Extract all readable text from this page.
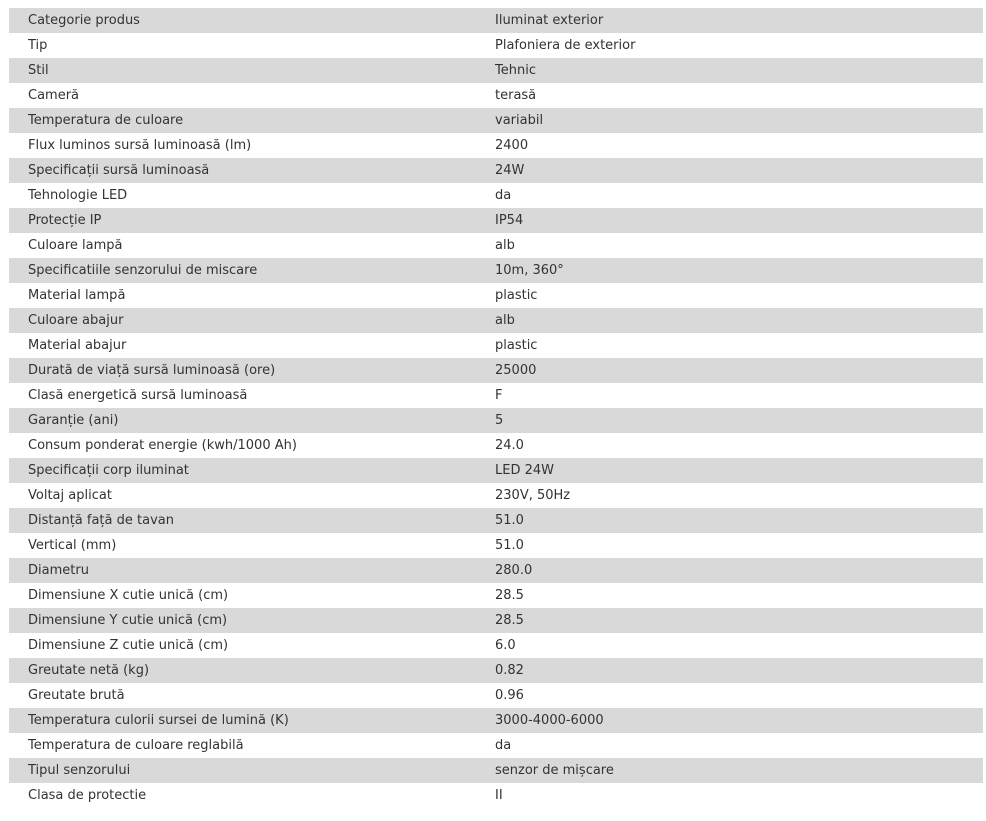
Categorie produs	Iluminat exterior
Tip	Plafoniera de exterior
Stil	Tehnic
Cameră	terasă
Temperatura de culoare	variabil
Flux luminos sursă luminoasă (lm)	2400
Specificații sursă luminoasă	24W
Tehnologie LED	da
Protecție IP	IP54
Culoare lampă	alb
Specificatiile senzorului de miscare	10m, 360°
Material lampă	plastic
Culoare abajur	alb
Material abajur	plastic
Durată de viață sursă luminoasă (ore)	25000
Clasă energetică sursă luminoasă	F
Garanție (ani)	5
Consum ponderat energie (kwh/1000 Ah)	24.0
Specificații corp iluminat	LED 24W
Voltaj aplicat	230V, 50Hz
Distanță față de tavan	51.0
Vertical (mm)	51.0
Diametru	280.0
Dimensiune X cutie unică (cm)	28.5
Dimensiune Y cutie unică (cm)	28.5
Dimensiune Z cutie unică (cm)	6.0
Greutate netă (kg)	0.82
Greutate brută	0.96
Temperatura culorii sursei de lumină (K)	3000-4000-6000
Temperatura de culoare reglabilă	da
Tipul senzorului	senzor de mișcare
Clasa de protectie	II
